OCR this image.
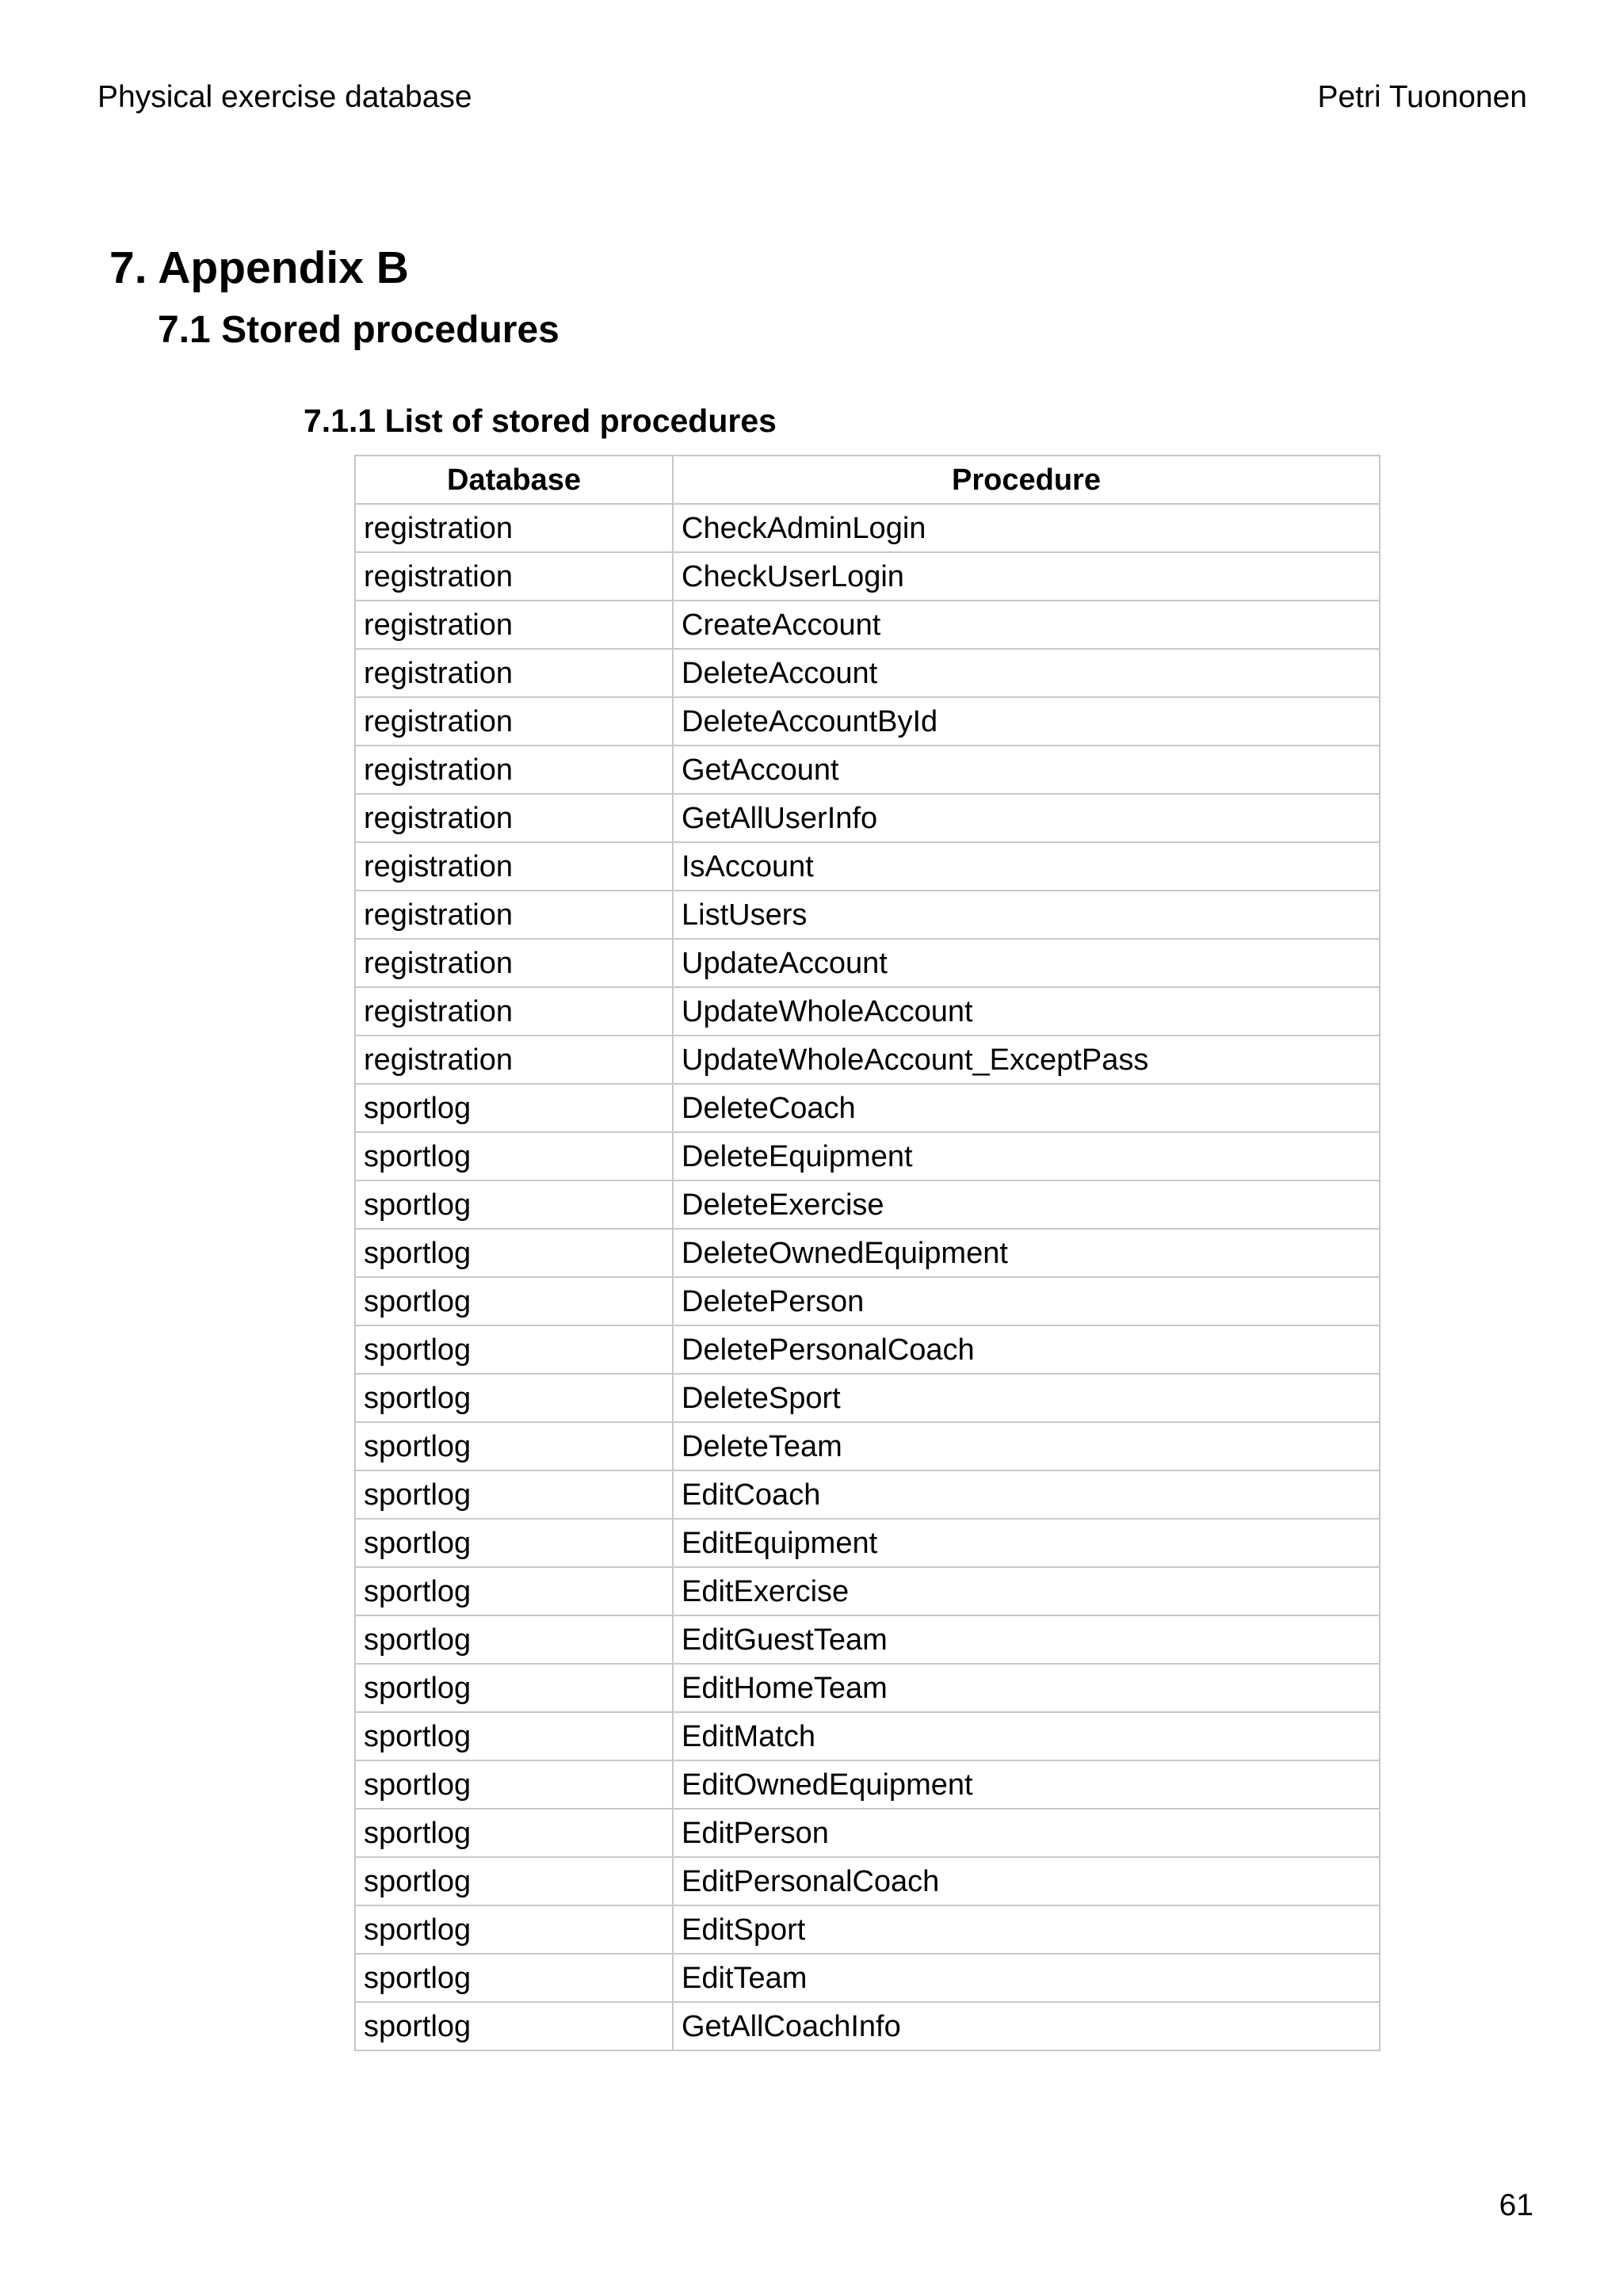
Physical exercise database	Petri Tuononen
7. Appendix B
7.1 Stored procedures
7.1.1 List of stored procedures
Database	Procedure
registration	CheckAdminLogin
registration	CheckUserLogin
registration	CreateAccount
registration	DeleteAccount
registration	DeleteAccountById
registration	GetAccount
registration	GetAllUserInfo
registration	IsAccount
registration	ListUsers
registration	UpdateAccount
registration	UpdateWholeAccount
registration	UpdateWholeAccount_ExceptPass
sportlog	DeleteCoach
sportlog	DeleteEquipment
sportlog	DeleteExercise
sportlog	DeleteOwnedEquipment
sportlog	DeletePerson
sportlog	DeletePersonalCoach
sportlog	DeleteSport
sportlog	DeleteTeam
sportlog	EditCoach
sportlog	EditEquipment
sportlog	EditExercise
sportlog	EditGuestTeam
sportlog	EditHomeTeam
sportlog	EditMatch
sportlog	EditOwnedEquipment
sportlog	EditPerson
sportlog	EditPersonalCoach
sportlog	EditSport
sportlog	EditTeam
sportlog	GetAllCoachInfo
61
